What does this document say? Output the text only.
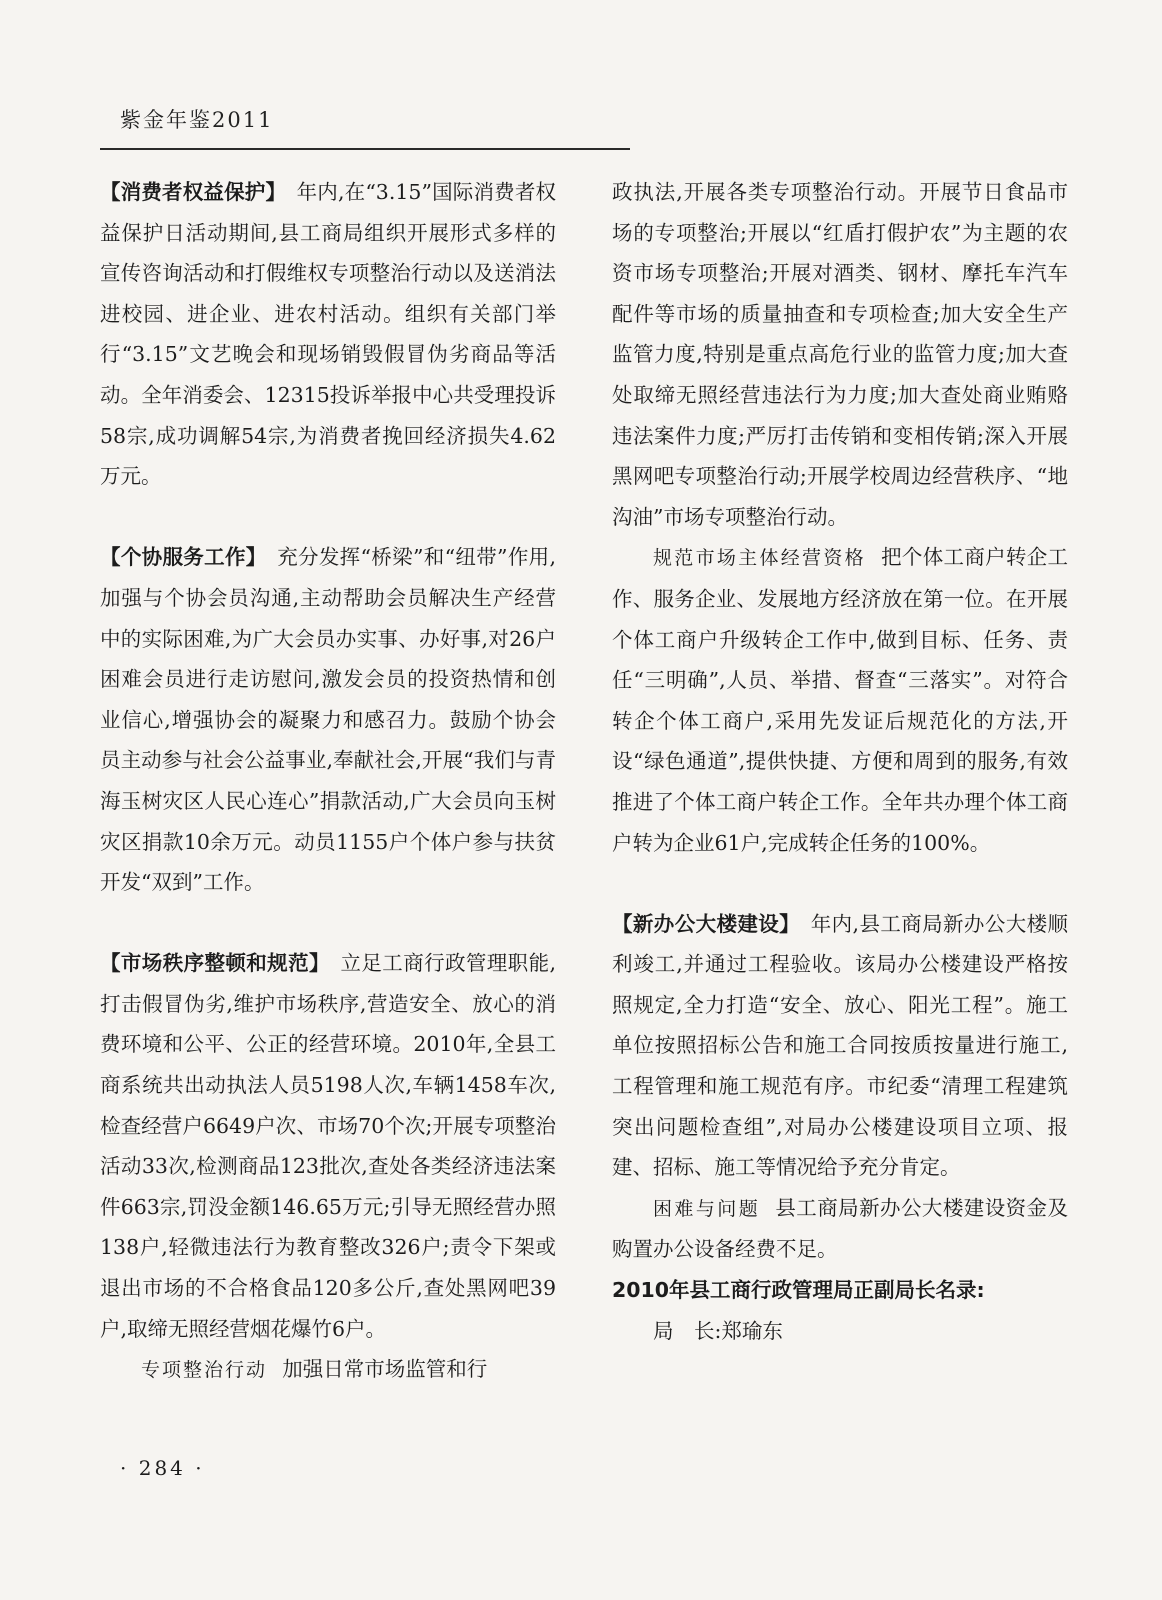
紫金年鉴2011

【消费者权益保护】　 年内,在“3.15”国际消费者权益保护日活动期间,县工商局组织开展形式多样的宣传咨询活动和打假维权专项整治行动以及送消法进校园、进企业、进农村活动。组织有关部门举行“3.15”文艺晚会和现场销毁假冒伪劣商品等活动。全年消委会、12315投诉举报中心共受理投诉58宗,成功调解54宗,为消费者挽回经济损失4.62万元。

【个协服务工作】　 充分发挥“桥梁”和“纽带”作用,加强与个协会员沟通,主动帮助会员解决生产经营中的实际困难,为广大会员办实事、办好事,对26户困难会员进行走访慰问,激发会员的投资热情和创业信心,增强协会的凝聚力和感召力。鼓励个协会员主动参与社会公益事业,奉献社会,开展“我们与青海玉树灾区人民心连心”捐款活动,广大会员向玉树灾区捐款10余万元。动员1155户个体户参与扶贫开发“双到”工作。

【市场秩序整顿和规范】　 立足工商行政管理职能,打击假冒伪劣,维护市场秩序,营造安全、放心的消费环境和公平、公正的经营环境。2010年,全县工商系统共出动执法人员5198人次,车辆1458车次,检查经营户6649户次、市场70个次;开展专项整治活动33次,检测商品123批次,查处各类经济违法案件663宗,罚没金额146.65万元;引导无照经营办照138户,轻微违法行为教育整改326户;责令下架或退出市场的不合格食品120多公斤,查处黑网吧39户,取缔无照经营烟花爆竹6户。

专项整治行动 加强日常市场监管和行

政执法,开展各类专项整治行动。开展节日食品市场的专项整治;开展以“红盾打假护农”为主题的农资市场专项整治;开展对酒类、钢材、摩托车汽车配件等市场的质量抽查和专项检查;加大安全生产监管力度,特别是重点高危行业的监管力度;加大查处取缔无照经营违法行为力度;加大查处商业贿赂违法案件力度;严厉打击传销和变相传销;深入开展黑网吧专项整治行动;开展学校周边经营秩序、“地沟油”市场专项整治行动。

规范市场主体经营资格 把个体工商户转企工作、服务企业、发展地方经济放在第一位。在开展个体工商户升级转企工作中,做到目标、任务、责任“三明确”,人员、举措、督查“三落实”。对符合转企个体工商户,采用先发证后规范化的方法,开设“绿色通道”,提供快捷、方便和周到的服务,有效推进了个体工商户转企工作。全年共办理个体工商户转为企业61户,完成转企任务的100%。

【新办公大楼建设】　 年内,县工商局新办公大楼顺利竣工,并通过工程验收。该局办公楼建设严格按照规定,全力打造“安全、放心、阳光工程”。施工单位按照招标公告和施工合同按质按量进行施工,工程管理和施工规范有序。市纪委“清理工程建筑突出问题检查组”,对局办公楼建设项目立项、报建、招标、施工等情况给予充分肯定。

困难与问题 县工商局新办公大楼建设资金及购置办公设备经费不足。

2010年县工商行政管理局正副局长名录:

局　长:郑瑜东

· 284 ·
